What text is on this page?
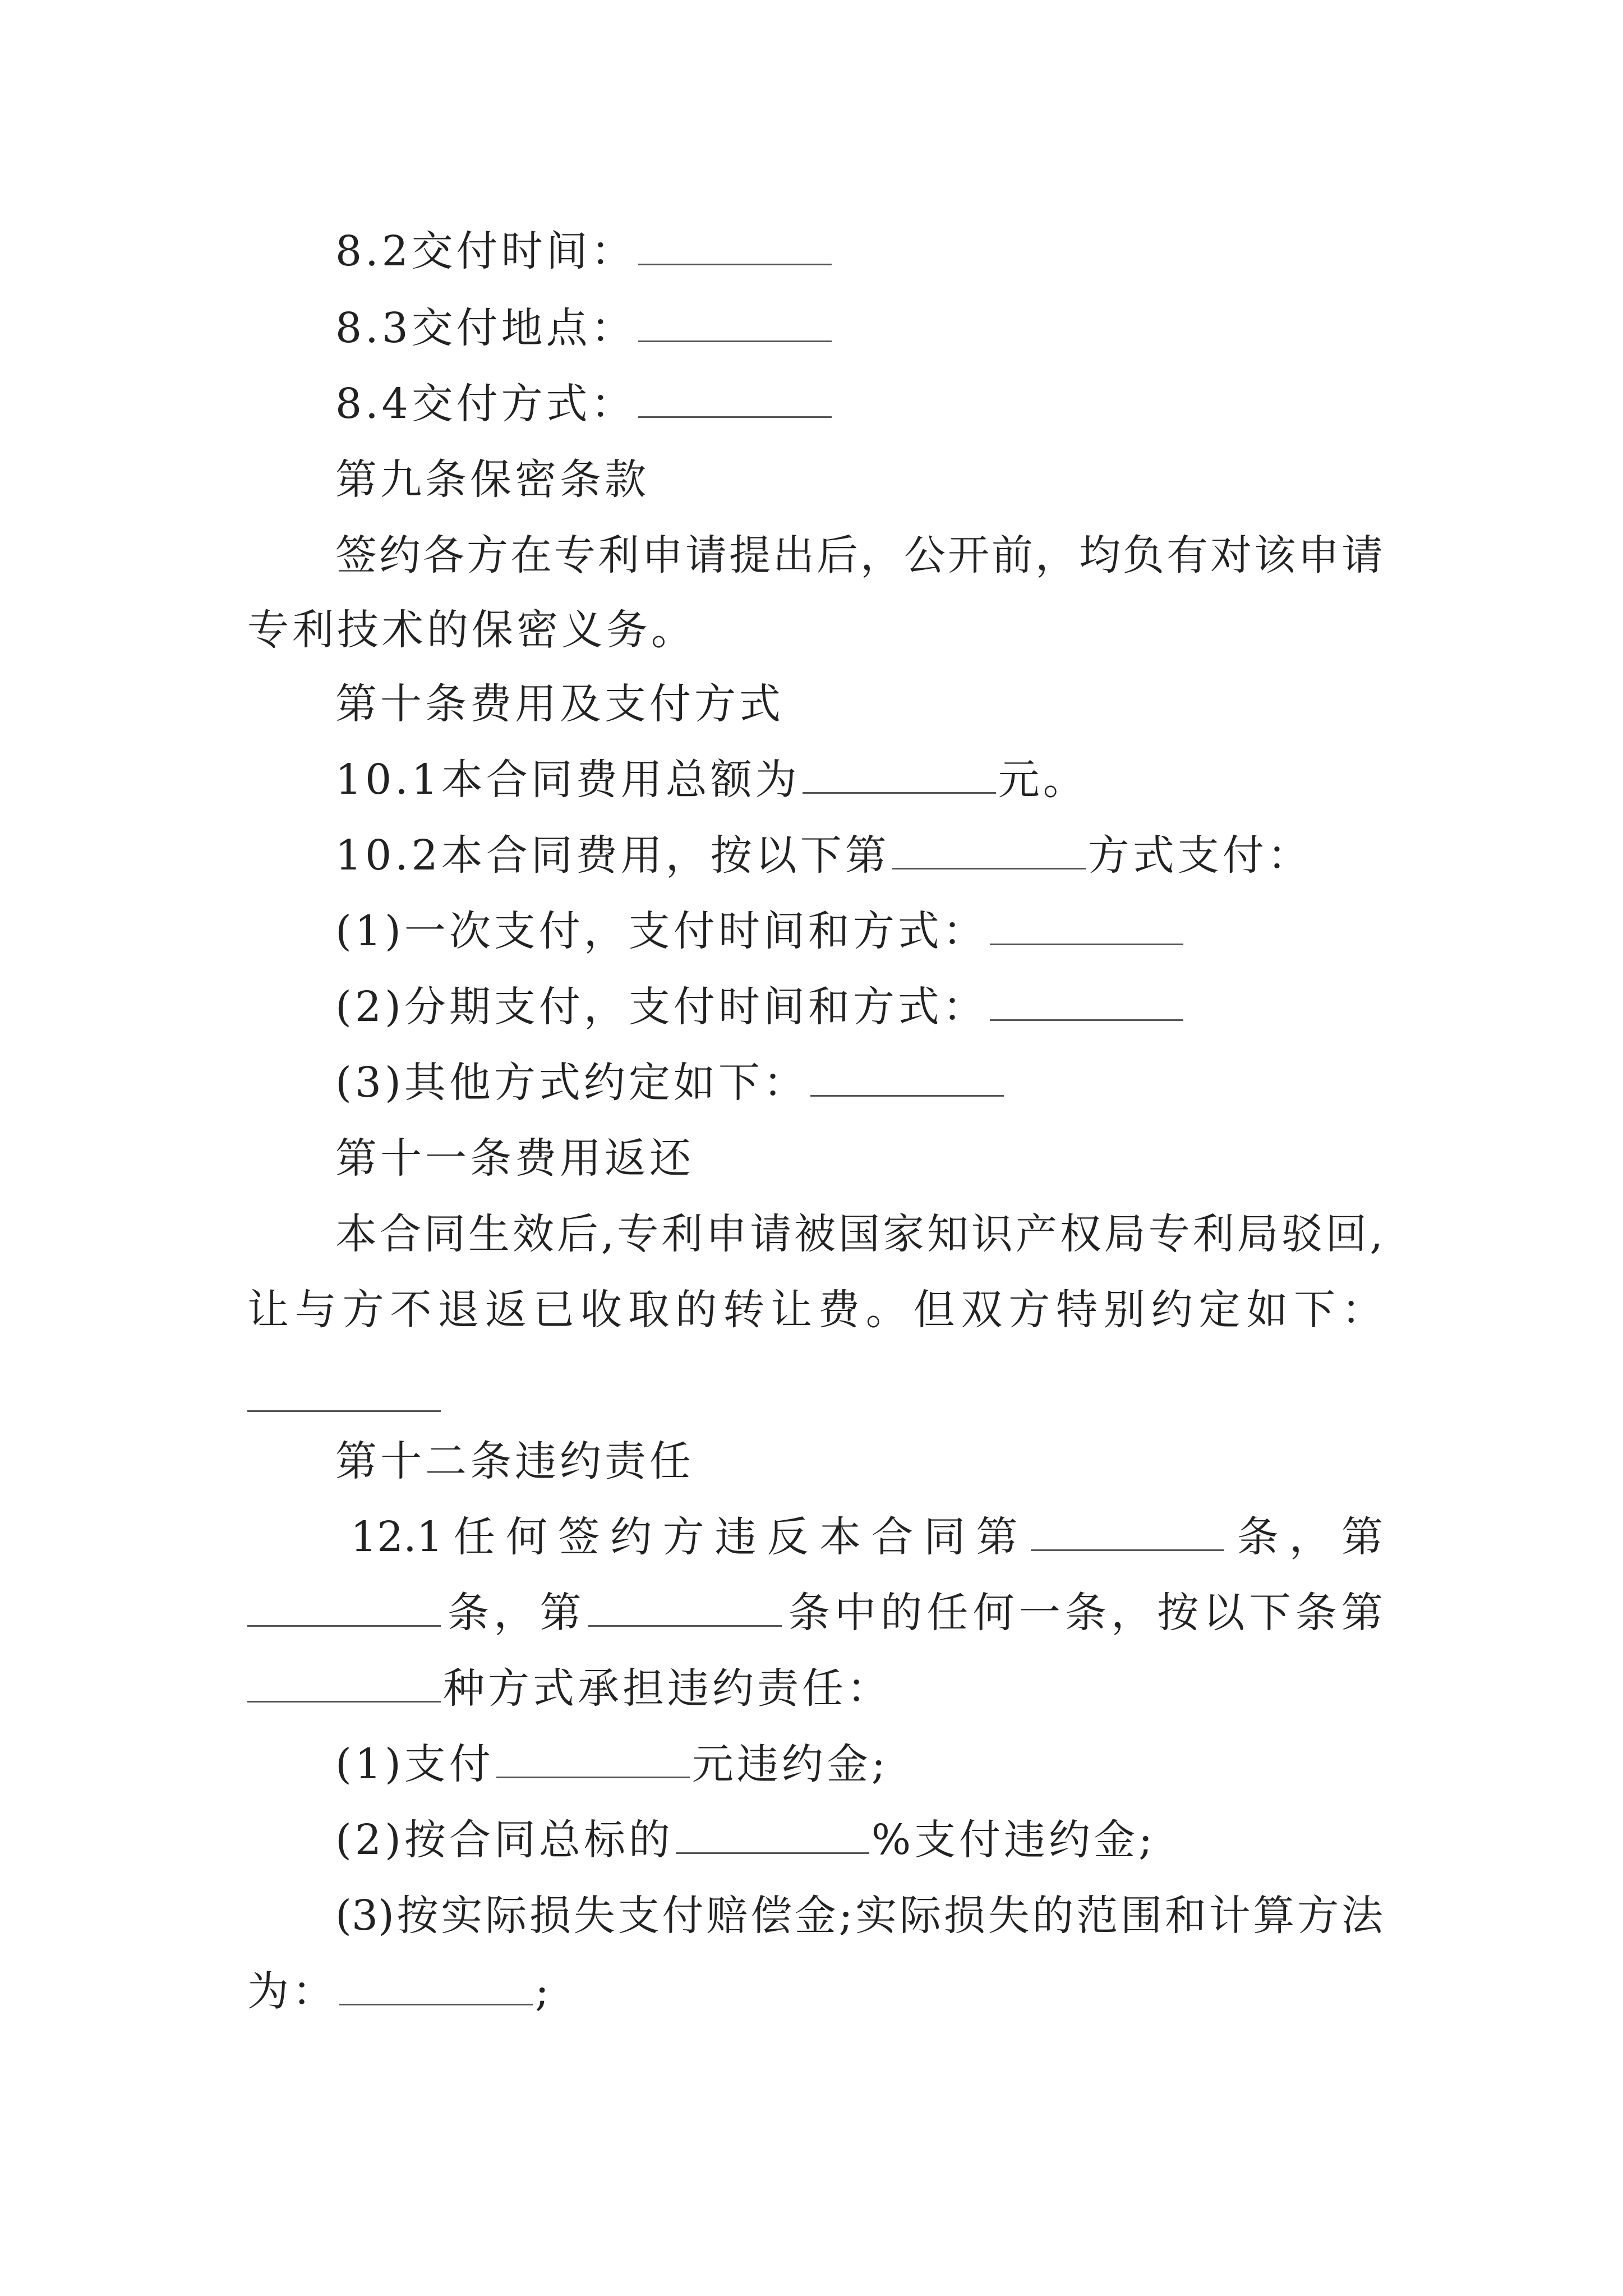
8.2交付时间：
8.3交付地点：
8.4交付方式：
第九条保密条款
签约各方在专利申请提出后，公开前，均负有对该申请
专利技术的保密义务。
第十条费用及支付方式
10.1本合同费用总额为	元。
10.2本合同费用，按以下第	方式支付：
(1)一次支付，支付时间和方式：
(2)分期支付，支付时间和方式：
(3)其他方式约定如下：
第十一条费用返还
本合同生效后,专利申请被国家知识产权局专利局驳回,
让与方不退返已收取的转让费。但双方特别约定如下：
第十二条违约责任
12.1任何签约方违反本合同第	条，第
条，第	条中的任何一条，按以下条第
种方式承担违约责任：
(1)支付	元违约金;
(2)按合同总标的	%支付违约金;
(3)按实际损失支付赔偿金;实际损失的范围和计算方法
为：	;
